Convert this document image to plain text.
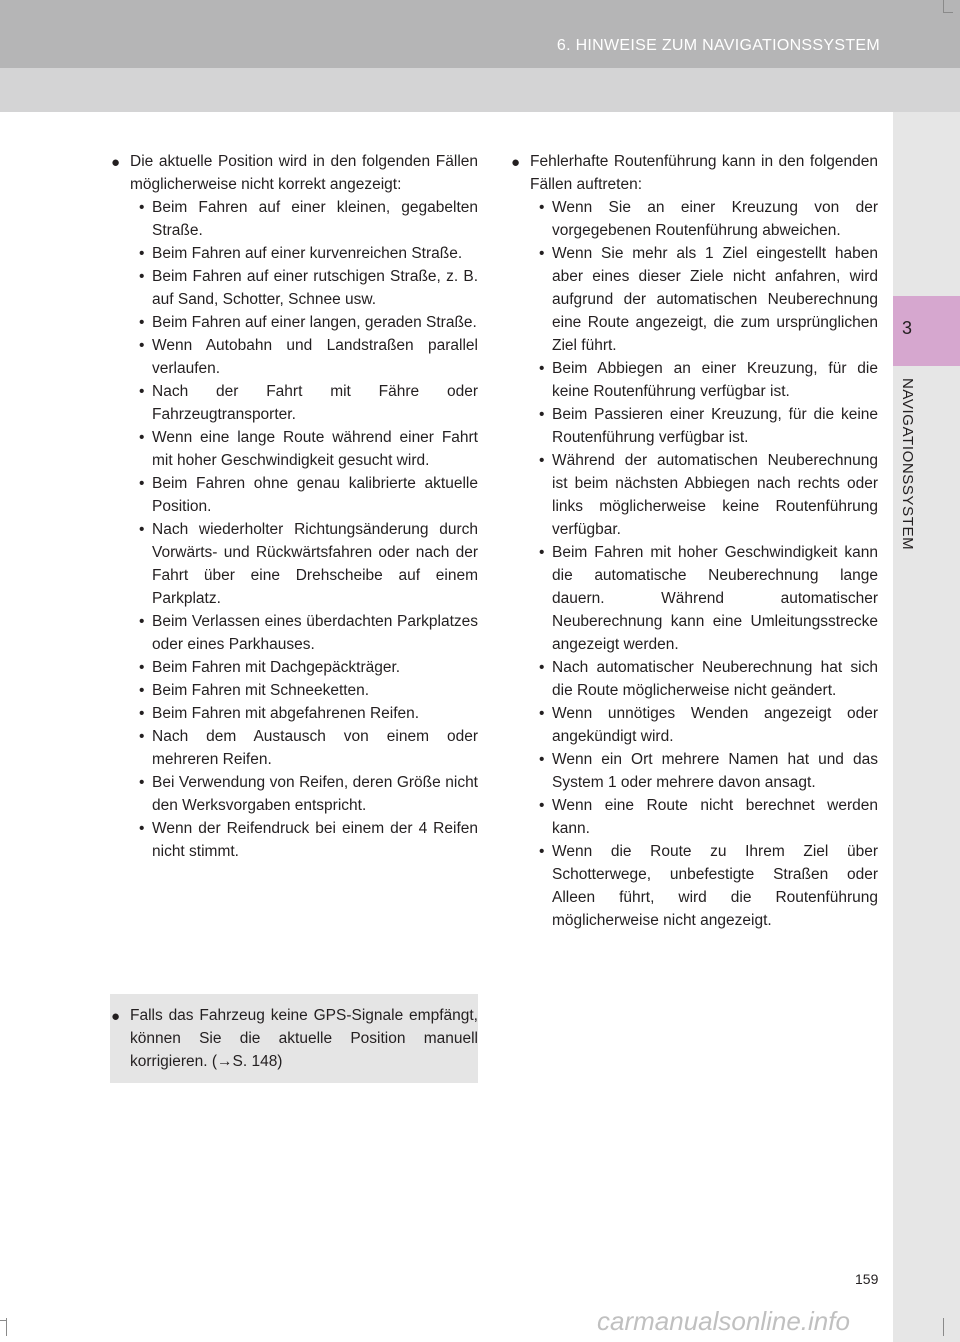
6. HINWEISE ZUM NAVIGATIONSSYSTEM
3
NAVIGATIONSSYSTEM
● Die aktuelle Position wird in den folgenden Fällen möglicherweise nicht korrekt angezeigt:
• Beim Fahren auf einer kleinen, gegabelten Straße.
• Beim Fahren auf einer kurvenreichen Straße.
• Beim Fahren auf einer rutschigen Straße, z. B. auf Sand, Schotter, Schnee usw.
• Beim Fahren auf einer langen, geraden Straße.
• Wenn Autobahn und Landstraßen parallel verlaufen.
• Nach der Fahrt mit Fähre oder Fahrzeugtransporter.
• Wenn eine lange Route während einer Fahrt mit hoher Geschwindigkeit gesucht wird.
• Beim Fahren ohne genau kalibrierte aktuelle Position.
• Nach wiederholter Richtungsänderung durch Vorwärts- und Rückwärtsfahren oder nach der Fahrt über eine Drehscheibe auf einem Parkplatz.
• Beim Verlassen eines überdachten Parkplatzes oder eines Parkhauses.
• Beim Fahren mit Dachgepäckträger.
• Beim Fahren mit Schneeketten.
• Beim Fahren mit abgefahrenen Reifen.
• Nach dem Austausch von einem oder mehreren Reifen.
• Bei Verwendung von Reifen, deren Größe nicht den Werksvorgaben entspricht.
• Wenn der Reifendruck bei einem der 4 Reifen nicht stimmt.
● Fehlerhafte Routenführung kann in den folgenden Fällen auftreten:
• Wenn Sie an einer Kreuzung von der vorgegebenen Routenführung abweichen.
• Wenn Sie mehr als 1 Ziel eingestellt haben aber eines dieser Ziele nicht anfahren, wird aufgrund der automatischen Neuberechnung eine Route angezeigt, die zum ursprünglichen Ziel führt.
• Beim Abbiegen an einer Kreuzung, für die keine Routenführung verfügbar ist.
• Beim Passieren einer Kreuzung, für die keine Routenführung verfügbar ist.
• Während der automatischen Neuberechnung ist beim nächsten Abbiegen nach rechts oder links möglicherweise keine Routenführung verfügbar.
• Beim Fahren mit hoher Geschwindigkeit kann die automatische Neuberechnung lange dauern. Während automatischer Neuberechnung kann eine Umleitungsstrecke angezeigt werden.
• Nach automatischer Neuberechnung hat sich die Route möglicherweise nicht geändert.
• Wenn unnötiges Wenden angezeigt oder angekündigt wird.
• Wenn ein Ort mehrere Namen hat und das System 1 oder mehrere davon ansagt.
• Wenn eine Route nicht berechnet werden kann.
• Wenn die Route zu Ihrem Ziel über Schotterwege, unbefestigte Straßen oder Alleen führt, wird die Routenführung möglicherweise nicht angezeigt.
● Falls das Fahrzeug keine GPS-Signale empfängt, können Sie die aktuelle Position manuell korrigieren. (→S. 148)
159
carmanualsonline.info
